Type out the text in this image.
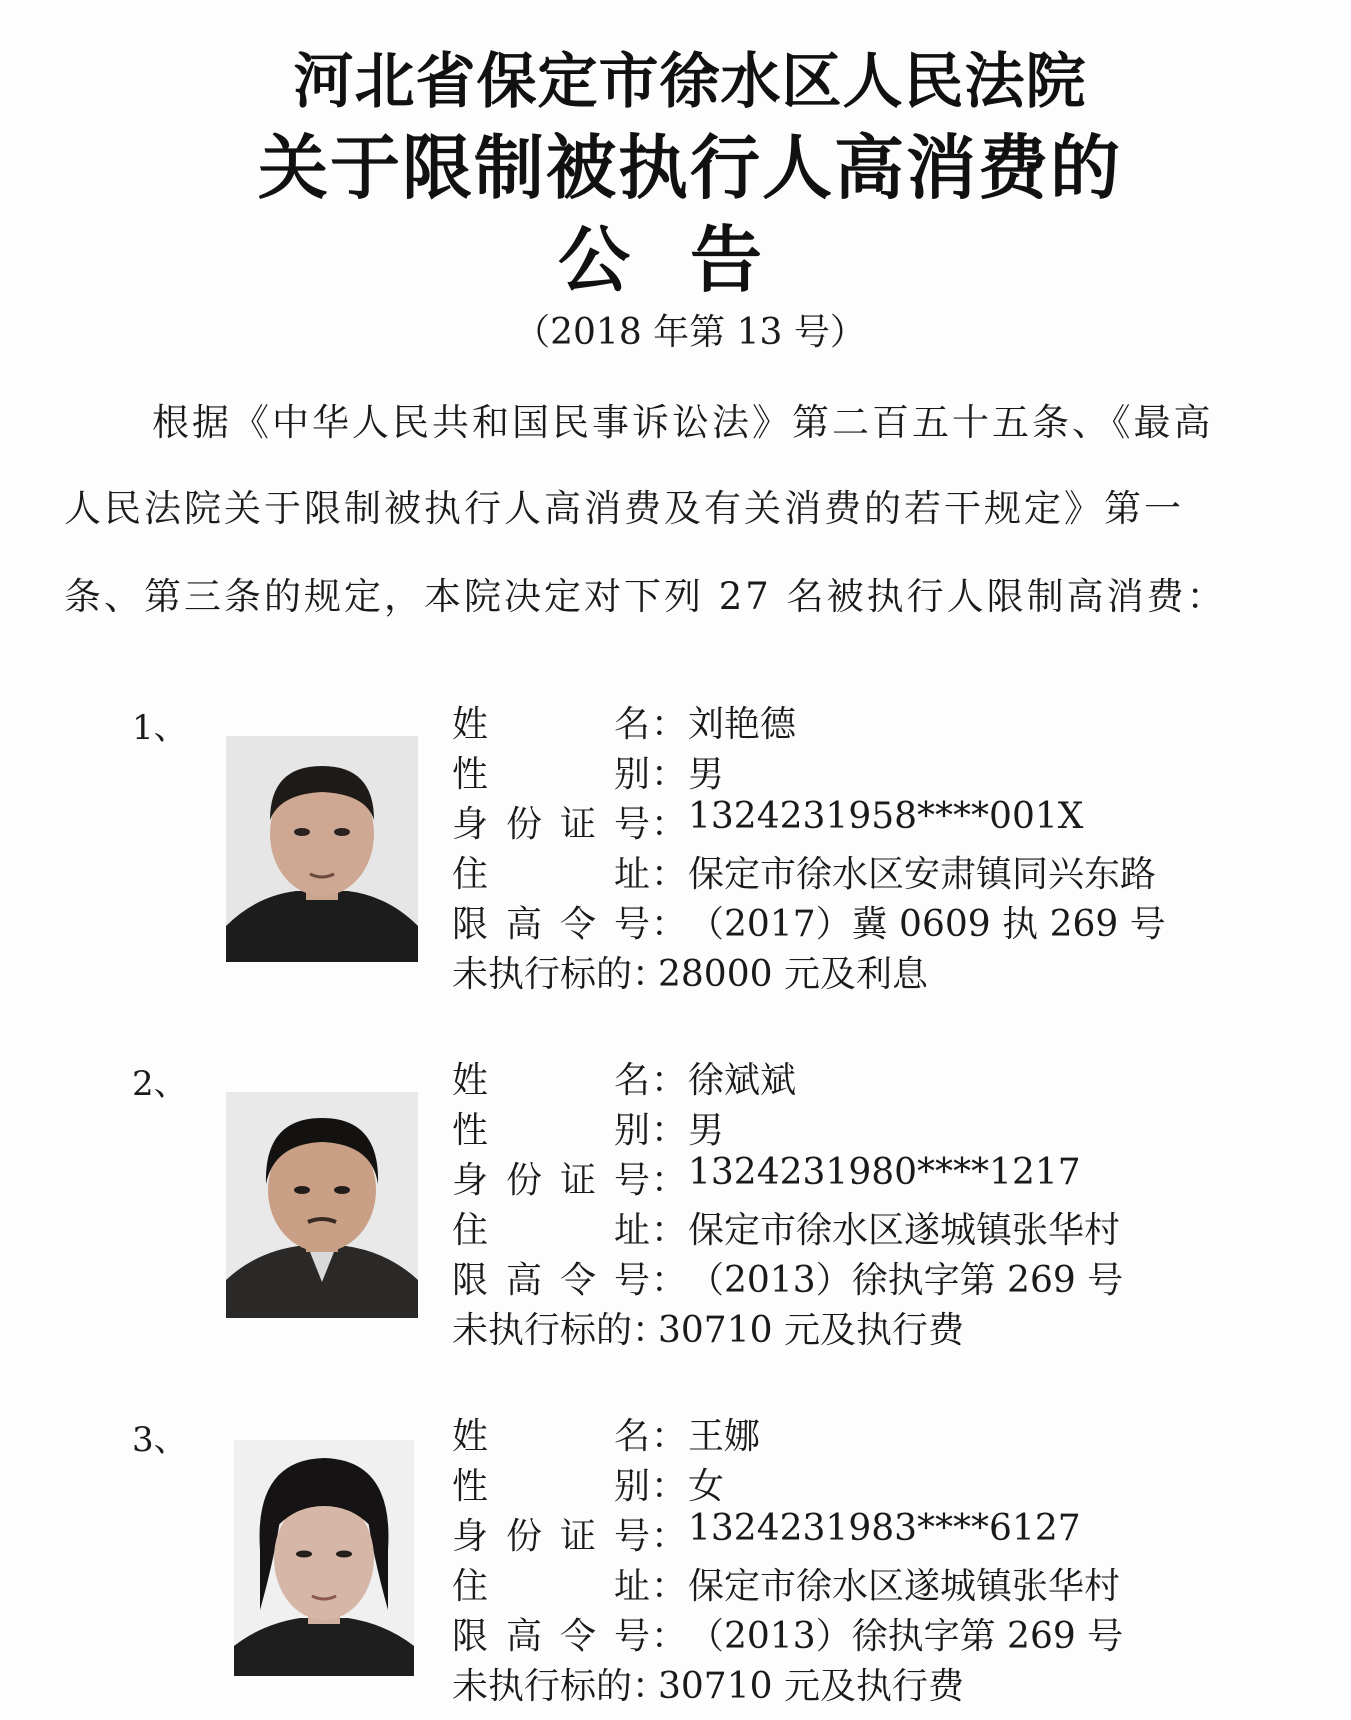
河北省保定市徐水区人民法院
关于限制被执行人高消费的
公告
（2018 年第 13 号）
根据《中华人民共和国民事诉讼法》第二百五十五条、《最高
人民法院关于限制被执行人高消费及有关消费的若干规定》第一
条、第三条的规定，本院决定对下列 27 名被执行人限制高消费：
1、	姓名：刘艳德
性别：男
身份证号：1324231958****001X
住址：保定市徐水区安肃镇同兴东路
限高令号：（2017）冀 0609 执 269 号
未执行标的：28000 元及利息
2、	姓名：徐斌斌
性别：男
身份证号：1324231980****1217
住址：保定市徐水区遂城镇张华村
限高令号：（2013）徐执字第 269 号
未执行标的：30710 元及执行费
3、	姓名：王娜
性别：女
身份证号：1324231983****6127
住址：保定市徐水区遂城镇张华村
限高令号：（2013）徐执字第 269 号
未执行标的：30710 元及执行费
